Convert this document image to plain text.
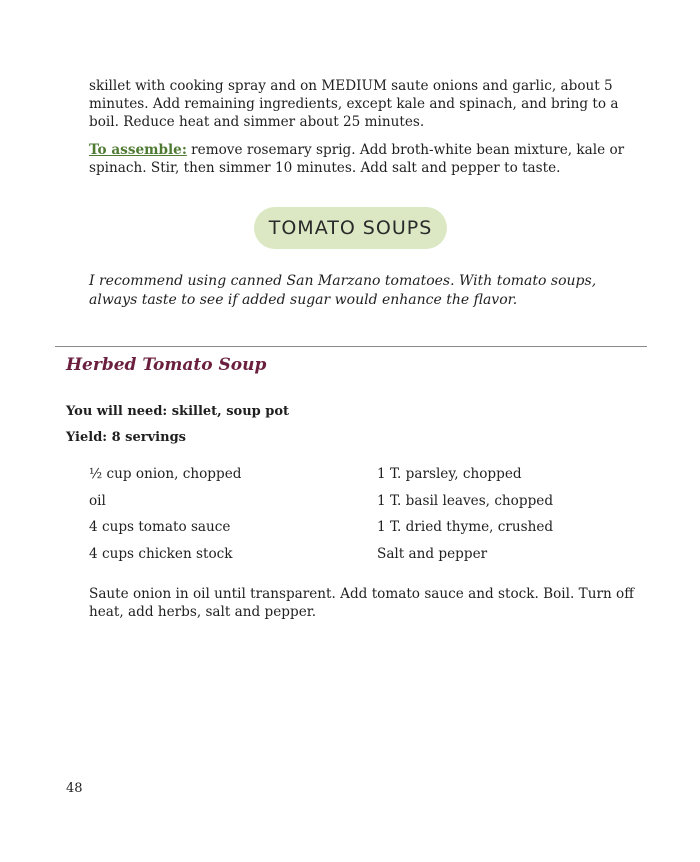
skillet with cooking spray and on MEDIUM saute onions and garlic, about 5 minutes. Add remaining ingredients, except kale and spinach, and bring to a boil. Reduce heat and simmer about 25 minutes.

To assemble: remove rosemary sprig. Add broth-white bean mixture, kale or spinach. Stir, then simmer 10 minutes. Add salt and pepper to taste.

TOMATO SOUPS

I recommend using canned San Marzano tomatoes. With tomato soups, always taste to see if added sugar would enhance the flavor.

Herbed Tomato Soup

You will need: skillet, soup pot

Yield: 8 servings

½ cup onion, chopped
oil
4 cups tomato sauce
4 cups chicken stock
1 T. parsley, chopped
1 T. basil leaves, chopped
1 T. dried thyme, crushed
Salt and pepper

Saute onion in oil until transparent. Add tomato sauce and stock. Boil. Turn off heat, add herbs, salt and pepper.

48
